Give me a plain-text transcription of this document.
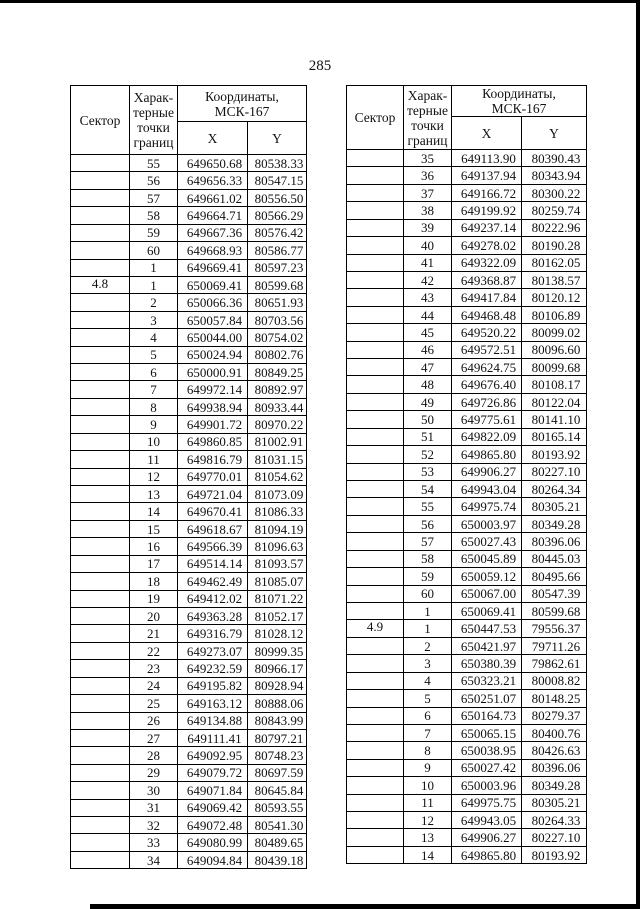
285
Сектор	Харак-
терные
точки
границ	Координаты,
МСК-167	
		X	Y
	55	649650.68	80538.33
	56	649656.33	80547.15
	57	649661.02	80556.50
	58	649664.71	80566.29
	59	649667.36	80576.42
	60	649668.93	80586.77
	1	649669.41	80597.23
4.8	1	650069.41	80599.68
	2	650066.36	80651.93
	3	650057.84	80703.56
	4	650044.00	80754.02
	5	650024.94	80802.76
	6	650000.91	80849.25
	7	649972.14	80892.97
	8	649938.94	80933.44
	9	649901.72	80970.22
	10	649860.85	81002.91
	11	649816.79	81031.15
	12	649770.01	81054.62
	13	649721.04	81073.09
	14	649670.41	81086.33
	15	649618.67	81094.19
	16	649566.39	81096.63
	17	649514.14	81093.57
	18	649462.49	81085.07
	19	649412.02	81071.22
	20	649363.28	81052.17
	21	649316.79	81028.12
	22	649273.07	80999.35
	23	649232.59	80966.17
	24	649195.82	80928.94
	25	649163.12	80888.06
	26	649134.88	80843.99
	27	649111.41	80797.21
	28	649092.95	80748.23
	29	649079.72	80697.59
	30	649071.84	80645.84
	31	649069.42	80593.55
	32	649072.48	80541.30
	33	649080.99	80489.65
	34	649094.84	80439.18
Сектор	Харак-
терные
точки
границ	Координаты,
МСК-167	
		X	Y
	35	649113.90	80390.43
	36	649137.94	80343.94
	37	649166.72	80300.22
	38	649199.92	80259.74
	39	649237.14	80222.96
	40	649278.02	80190.28
	41	649322.09	80162.05
	42	649368.87	80138.57
	43	649417.84	80120.12
	44	649468.48	80106.89
	45	649520.22	80099.02
	46	649572.51	80096.60
	47	649624.75	80099.68
	48	649676.40	80108.17
	49	649726.86	80122.04
	50	649775.61	80141.10
	51	649822.09	80165.14
	52	649865.80	80193.92
	53	649906.27	80227.10
	54	649943.04	80264.34
	55	649975.74	80305.21
	56	650003.97	80349.28
	57	650027.43	80396.06
	58	650045.89	80445.03
	59	650059.12	80495.66
	60	650067.00	80547.39
	1	650069.41	80599.68
4.9	1	650447.53	79556.37
	2	650421.97	79711.26
	3	650380.39	79862.61
	4	650323.21	80008.82
	5	650251.07	80148.25
	6	650164.73	80279.37
	7	650065.15	80400.76
	8	650038.95	80426.63
	9	650027.42	80396.06
	10	650003.96	80349.28
	11	649975.75	80305.21
	12	649943.05	80264.33
	13	649906.27	80227.10
	14	649865.80	80193.92
